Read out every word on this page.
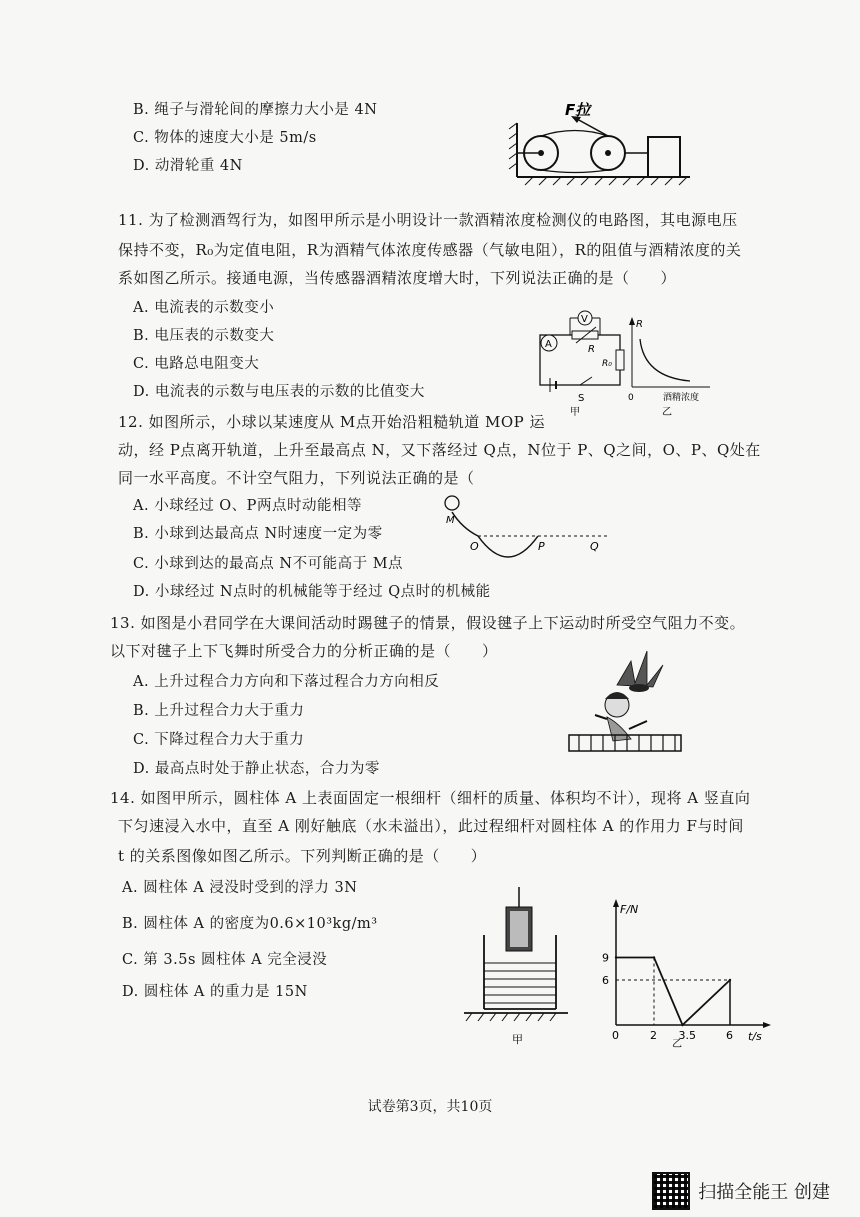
B. 绳子与滑轮间的摩擦力大小是 4N
C. 物体的速度大小是 5m/s
D. 动滑轮重 4N
F拉
11. 为了检测酒驾行为，如图甲所示是小明设计一款酒精浓度检测仪的电路图，其电源电压
保持不变，R₀为定值电阻，R为酒精气体浓度传感器（气敏电阻），R的阻值与酒精浓度的关
系如图乙所示。接通电源，当传感器酒精浓度增大时，下列说法正确的是（　　）
A. 电流表的示数变小
B. 电压表的示数变大
C. 电路总电阻变大
D. 电流表的示数与电压表的示数的比值变大
A
V
R
R₀
S
甲
R
0	酒精浓度
乙
12. 如图所示，小球以某速度从 M点开始沿粗糙轨道 MOP 运
动，经 P点离开轨道，上升至最高点 N，又下落经过 Q点，N位于 P、Q之间，O、P、Q处在
同一水平高度。不计空气阻力，下列说法正确的是（
A. 小球经过 O、P两点时动能相等
B. 小球到达最高点 N时速度一定为零
C. 小球到达的最高点 N不可能高于 M点
D. 小球经过 N点时的机械能等于经过 Q点时的机械能
M
O	P	Q
13. 如图是小君同学在大课间活动时踢毽子的情景，假设毽子上下运动时所受空气阻力不变。
以下对毽子上下飞舞时所受合力的分析正确的是（　　）
A. 上升过程合力方向和下落过程合力方向相反
B. 上升过程合力大于重力
C. 下降过程合力大于重力
D. 最高点时处于静止状态，合力为零
14. 如图甲所示，圆柱体 A 上表面固定一根细杆（细杆的质量、体积均不计），现将 A 竖直向
下匀速浸入水中，直至 A 刚好触底（水未溢出），此过程细杆对圆柱体 A 的作用力 F与时间
t 的关系图像如图乙所示。下列判断正确的是（　　）
A. 圆柱体 A 浸没时受到的浮力 3N
B. 圆柱体 A 的密度为0.6×10³kg/m³
C. 第 3.5s 圆柱体 A 完全浸没
D. 圆柱体 A 的重力是 15N
甲
F/N
t/s
乙
0	2 3.5	6
9
6
试卷第3页，共10页
扫描全能王 创建
